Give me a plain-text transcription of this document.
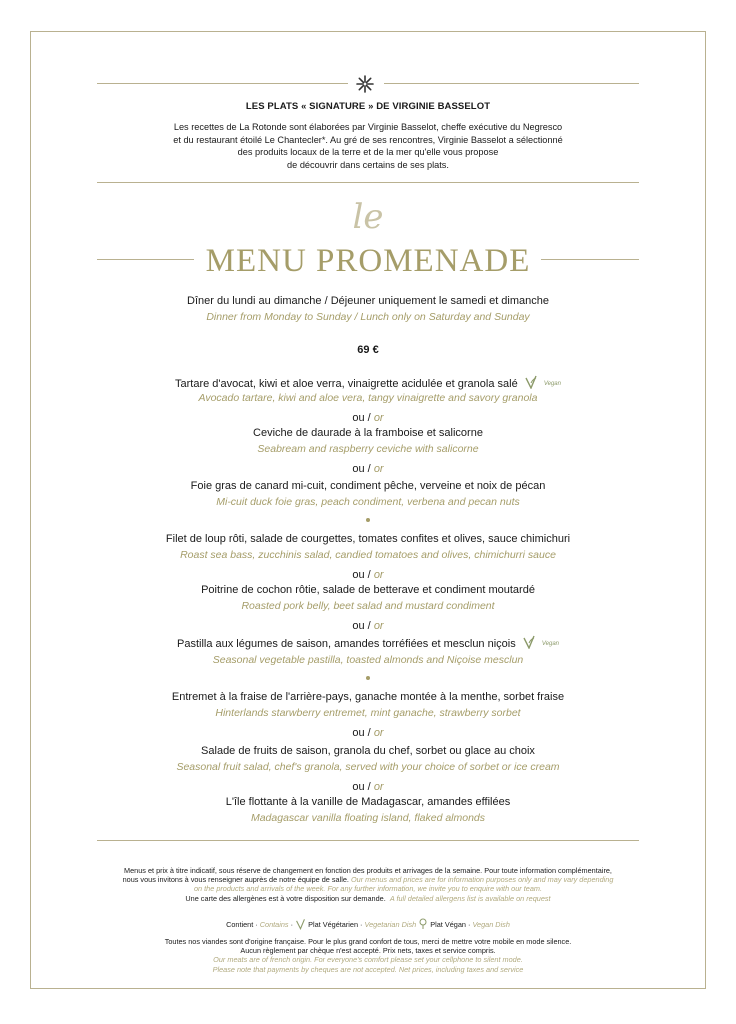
LES PLATS « SIGNATURE » DE VIRGINIE BASSELOT
Les recettes de La Rotonde sont élaborées par Virginie Basselot, cheffe exécutive du Negresco
et du restaurant étoilé Le Chantecler*. Au gré de ses rencontres, Virginie Basselot a sélectionné
des produits locaux de la terre et de la mer qu'elle vous propose
de découvrir dans certains de ses plats.
le
MENU PROMENADE
Dîner du lundi au dimanche / Déjeuner uniquement le samedi et dimanche
Dinner from Monday to Sunday / Lunch only on Saturday and Sunday
69 €
Tartare d'avocat, kiwi et aloe verra, vinaigrette acidulée et granola salé	Vegan
Avocado tartare, kiwi and aloe vera, tangy vinaigrette and savory granola
ou / or
Ceviche de daurade à la framboise et salicorne
Seabream and raspberry ceviche with salicorne
ou / or
Foie gras de canard mi-cuit, condiment pêche, verveine et noix de pécan
Mi-cuit duck foie gras, peach condiment, verbena and pecan nuts
Filet de loup rôti, salade de courgettes, tomates confites et olives, sauce chimichuri
Roast sea bass, zucchinis salad, candied tomatoes and olives, chimichurri sauce
ou / or
Poitrine de cochon rôtie, salade de betterave et condiment moutardé
Roasted pork belly, beet salad and mustard condiment
ou / or
Pastilla aux légumes de saison, amandes torréfiées et mesclun niçois	Vegan
Seasonal vegetable pastilla, toasted almonds and Niçoise mesclun
Entremet à la fraise de l'arrière-pays, ganache montée à la menthe, sorbet fraise
Hinterlands starwberry entremet, mint ganache, strawberry sorbet
ou / or
Salade de fruits de saison, granola du chef, sorbet ou glace au choix
Seasonal fruit salad, chef's granola, served with your choice of sorbet or ice cream
ou / or
L'île flottante à la vanille de Madagascar, amandes effilées
Madagascar vanilla floating island, flaked almonds
Menus et prix à titre indicatif, sous réserve de changement en fonction des produits et arrivages de la semaine. Pour toute information complémentaire,
nous vous invitons à vous renseigner auprès de notre équipe de salle. Our menus and prices are for information purposes only and may vary depending
on the products and arrivals of the week. For any further information, we invite you to enquire with our team.
Une carte des allergènes est à votre disposition sur demande. A full detailed allergens list is available on request
Contient · Contains ·  Plat Végétarien · Vegetarian Dish Plat Végan · Vegan Dish
Toutes nos viandes sont d'origine française. Pour le plus grand confort de tous, merci de mettre votre mobile en mode silence.
Aucun règlement par chèque n'est accepté. Prix nets, taxes et service compris.
Our meats are of french origin. For everyone's comfort please set your cellphone to silent mode.
Please note that payments by cheques are not accepted. Net prices, including taxes and service
